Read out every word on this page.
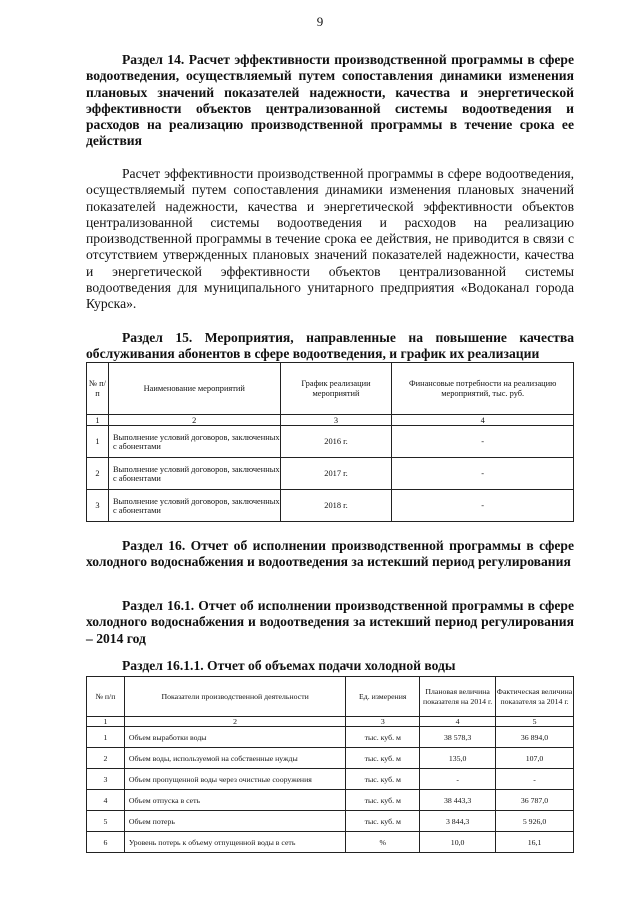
9
Раздел 14. Расчет эффективности производственной программы в сфере водоотведения, осуществляемый путем сопоставления динамики изменения плановых значений показателей надежности, качества и энергетической эффективности объектов централизованной системы водоотведения и расходов на реализацию производственной программы в течение срока ее действия
Расчет эффективности производственной программы в сфере водоотведения, осуществляемый путем сопоставления динамики изменения плановых значений показателей надежности, качества и энергетической эффективности объектов централизованной системы водоотведения и расходов на реализацию производственной программы в течение срока ее действия, не приводится в связи с отсутствием утвержденных плановых значений показателей надежности, качества и энергетической эффективности объектов централизованной системы водоотведения для муниципального унитарного предприятия «Водоканал города Курска».
Раздел 15. Мероприятия, направленные на повышение качества обслуживания абонентов в сфере водоотведения, и график их реализации
№ п/п	Наименование мероприятий	График реализации мероприятий	Финансовые потребности на реализацию мероприятий, тыс. руб.
1	2	3	4
1	Выполнение условий договоров, заключенных с абонентами	2016 г.	-
2	Выполнение условий договоров, заключенных с абонентами	2017 г.	-
3	Выполнение условий договоров, заключенных с абонентами	2018 г.	-
Раздел 16. Отчет об исполнении производственной программы в сфере холодного водоснабжения и водоотведения за истекший период регулирования
Раздел 16.1. Отчет об исполнении производственной программы в сфере холодного водоснабжения и водоотведения за истекший период регулирования – 2014 год
Раздел 16.1.1. Отчет об объемах подачи холодной воды
№ п/п	Показатели производственной деятельности	Ед. измерения	Плановая величина показателя на 2014 г.	Фактическая величина показателя за 2014 г.
1	2	3	4	5
1	Объем выработки воды	тыс. куб. м	38 578,3	36 894,0
2	Объем воды, используемой на собственные нужды	тыс. куб. м	135,0	107,0
3	Объем пропущенной воды через очистные сооружения	тыс. куб. м	-	-
4	Объем отпуска в сеть	тыс. куб. м	38 443,3	36 787,0
5	Объем потерь	тыс. куб. м	3 844,3	5 926,0
6	Уровень потерь к объему отпущенной воды в сеть	%	10,0	16,1
